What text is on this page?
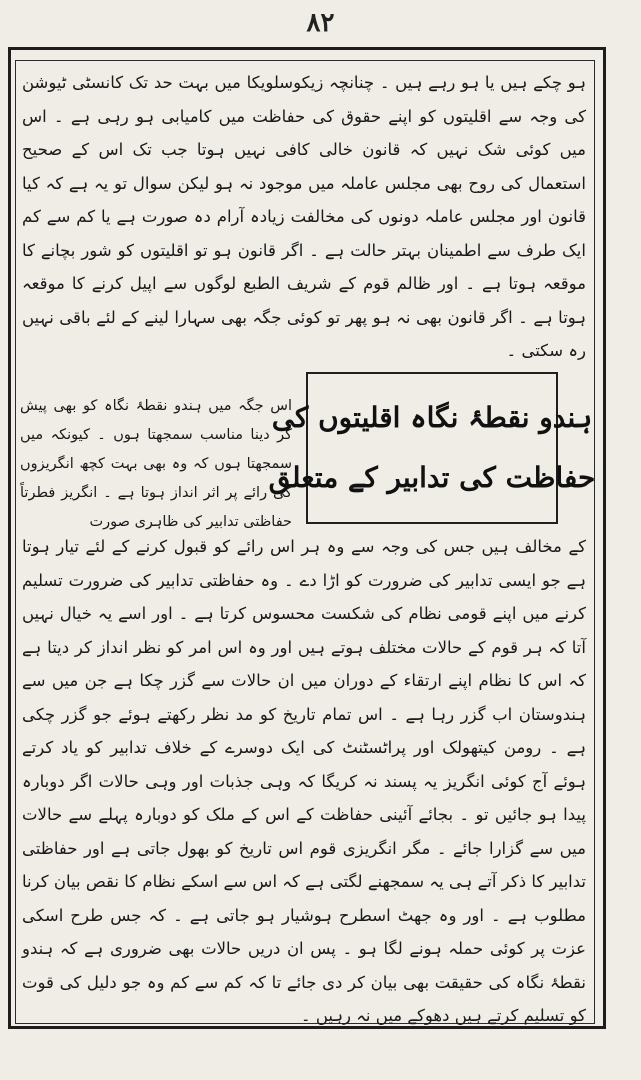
۸۲

ہو چکے ہیں یا ہو رہے ہیں ۔ چنانچہ زیکوسلویکا میں بہت حد تک کانسٹی ٹیوشن کی وجہ سے اقلیتوں کو اپنے حقوق کی حفاظت میں کامیابی ہو رہی ہے ۔ اس میں کوئی شک نہیں کہ قانون خالی کافی نہیں ہوتا جب تک اس کے صحیح استعمال کی روح بھی مجلس عاملہ میں موجود نہ ہو لیکن سوال تو یہ ہے کہ کیا قانون اور مجلس عاملہ دونوں کی مخالفت زیادہ آرام دہ صورت ہے یا کم سے کم ایک طرف سے اطمینان بہتر حالت ہے ۔ اگر قانون ہو تو اقلیتوں کو شور بچانے کا موقعہ ہوتا ہے ۔ اور ظالم قوم کے شریف الطبع لوگوں سے اپیل کرنے کا موقعہ ہوتا ہے ۔ اگر قانون بھی نہ ہو پھر تو کوئی جگہ بھی سہارا لینے کے لئے باقی نہیں رہ سکتی ۔

ہندو نقطۂ نگاہ اقلیتوں کی
حفاظت کی تدابیر کے متعلق

اس جگہ میں ہندو نقطۂ نگاہ کو بھی پیش کر دینا مناسب سمجھتا ہوں ۔ کیونکہ میں سمجھتا ہوں کہ وہ بھی بہت کچھ انگریزوں کی رائے پر اثر انداز ہوتا ہے ۔ انگریز فطرتاً حفاظتی تدابیر کی ظاہری صورت

کے مخالف ہیں جس کی وجہ سے وہ ہر اس رائے کو قبول کرنے کے لئے تیار ہوتا ہے جو ایسی تدابیر کی ضرورت کو اڑا دے ۔ وہ حفاظتی تدابیر کی ضرورت تسلیم کرنے میں اپنے قومی نظام کی شکست محسوس کرتا ہے ۔ اور اسے یہ خیال نہیں آتا کہ ہر قوم کے حالات مختلف ہوتے ہیں اور وہ اس امر کو نظر انداز کر دیتا ہے کہ اس کا نظام اپنے ارتقاء کے دوران میں ان حالات سے گزر چکا ہے جن میں سے ہندوستان اب گزر رہا ہے ۔ اس تمام تاریخ کو مد نظر رکھتے ہوئے جو گزر چکی ہے ۔ رومن کیتھولک اور پراٹسٹنٹ کی ایک دوسرے کے خلاف تدابیر کو یاد کرتے ہوئے آج کوئی انگریز یہ پسند نہ کریگا کہ وہی جذبات اور وہی حالات اگر دوبارہ پیدا ہو جائیں تو ۔ بجائے آئینی حفاظت کے اس کے ملک کو دوبارہ پہلے سے حالات میں سے گزارا جائے ۔ مگر انگریزی قوم اس تاریخ کو بھول جاتی ہے اور حفاظتی تدابیر کا ذکر آتے ہی یہ سمجھنے لگتی ہے کہ اس سے اسکے نظام کا نقص بیان کرنا مطلوب ہے ۔ اور وہ جھٹ اسطرح ہوشیار ہو جاتی ہے ۔ کہ جس طرح اسکی عزت پر کوئی حملہ ہونے لگا ہو ۔ پس ان دریں حالات بھی ضروری ہے کہ ہندو نقطۂ نگاہ کی حقیقت بھی بیان کر دی جائے تا کہ کم سے کم وہ جو دلیل کی قوت کو تسلیم کرتے ہیں دھوکے میں نہ رہیں ۔
